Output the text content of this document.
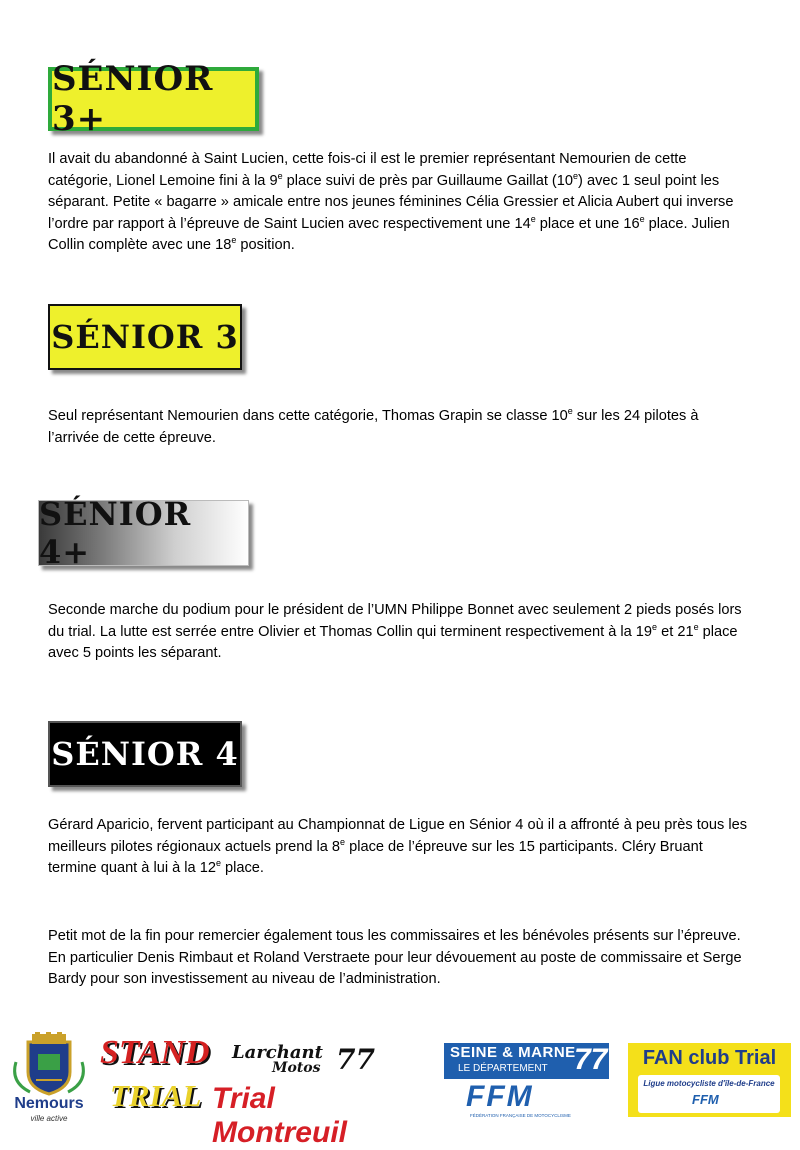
SÉNIOR 3+

Il avait du abandonné à Saint Lucien, cette fois-ci il est le premier représentant Nemourien de cette catégorie, Lionel Lemoine fini à la 9e place suivi de près par Guillaume Gaillat (10e) avec 1 seul point les séparant. Petite « bagarre » amicale entre nos jeunes féminines Célia Gressier et Alicia Aubert qui inverse l’ordre par rapport à l’épreuve de Saint Lucien avec respectivement une 14e place et une 16e place. Julien Collin complète avec une 18e position.

SÉNIOR 3

Seul représentant Nemourien dans cette catégorie, Thomas Grapin se classe 10e sur les 24 pilotes à l’arrivée de cette épreuve.

SÉNIOR 4+

Seconde marche du podium pour le président de l’UMN Philippe Bonnet avec seulement 2 pieds posés lors du trial. La lutte est serrée entre Olivier et Thomas Collin qui terminent respectivement à la 19e et 21e place avec 5 points les séparant.

SÉNIOR 4

Gérard Aparicio, fervent participant au Championnat de Ligue en Sénior 4 où il a affronté à peu près tous les meilleurs pilotes régionaux actuels prend la 8e place de l’épreuve sur les 15 participants. Cléry Bruant termine quant à lui à la 12e place.

Petit mot de la fin pour remercier également tous les commissaires et les bénévoles présents sur l’épreuve. En particulier Denis Rimbaut et Roland Verstraete pour leur dévouement au poste de commissaire et Serge Bardy pour son investissement au niveau de l’administration.

Nemours
ville active
STAND
TRIAL
Larchant
Motos 77
Trial Montreuil
SEINE & MARNE
LE DÉPARTEMENT 77
FFM
FÉDÉRATION FRANÇAISE DE MOTOCYCLISME
FAN club Trial
Ligue motocycliste d'île-de-France
FFM
